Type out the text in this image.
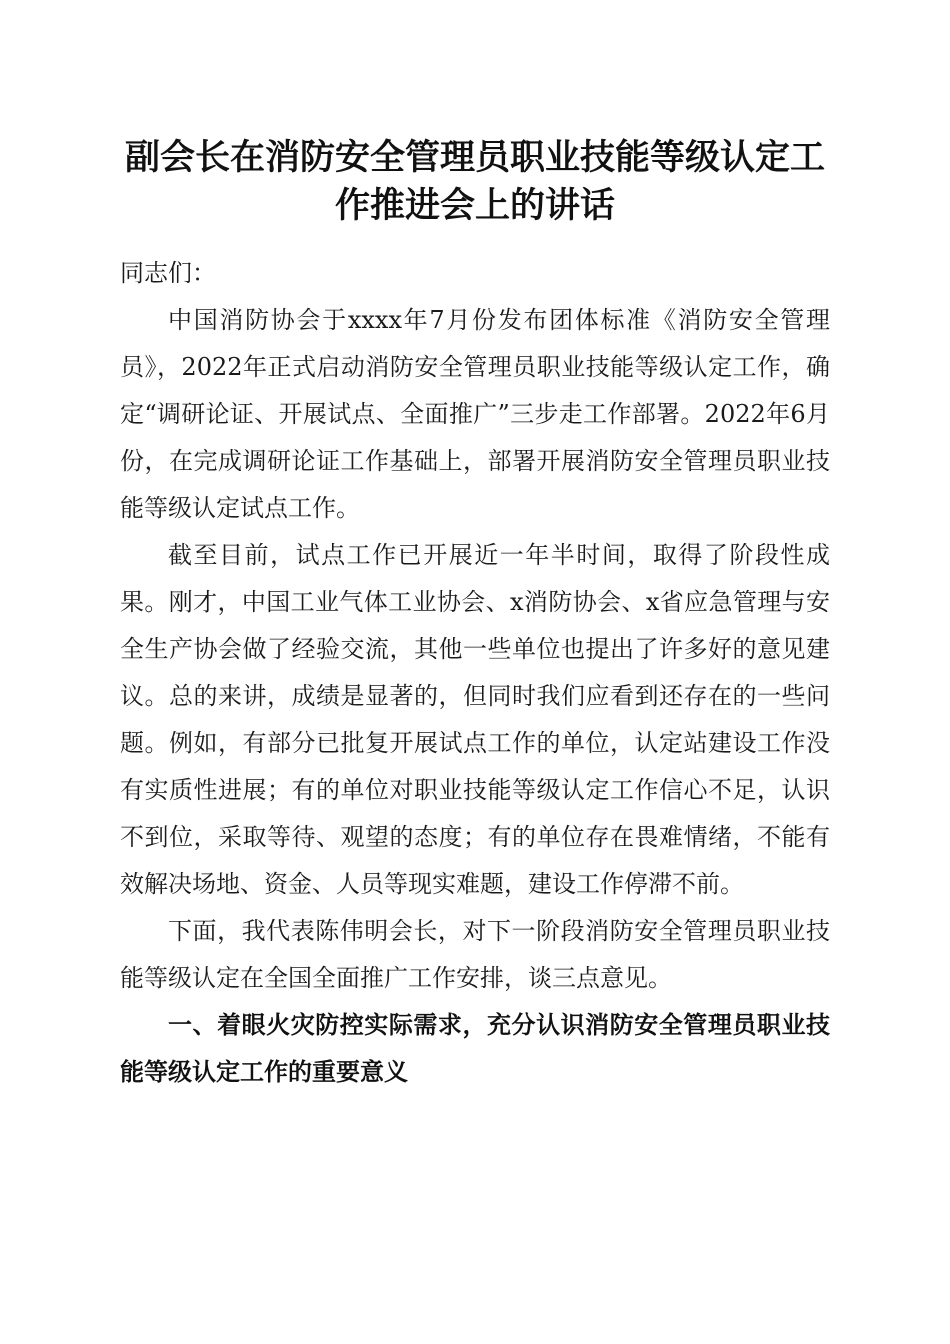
副会长在消防安全管理员职业技能等级认定工作推进会上的讲话

同志们：

中国消防协会于xxxx年7月份发布团体标准《消防安全管理员》，2022年正式启动消防安全管理员职业技能等级认定工作，确定“调研论证、开展试点、全面推广”三步走工作部署。2022年6月份，在完成调研论证工作基础上，部署开展消防安全管理员职业技能等级认定试点工作。

截至目前，试点工作已开展近一年半时间，取得了阶段性成果。刚才，中国工业气体工业协会、x消防协会、x省应急管理与安全生产协会做了经验交流，其他一些单位也提出了许多好的意见建议。总的来讲，成绩是显著的，但同时我们应看到还存在的一些问题。例如，有部分已批复开展试点工作的单位，认定站建设工作没有实质性进展；有的单位对职业技能等级认定工作信心不足，认识不到位，采取等待、观望的态度；有的单位存在畏难情绪，不能有效解决场地、资金、人员等现实难题，建设工作停滞不前。

下面，我代表陈伟明会长，对下一阶段消防安全管理员职业技能等级认定在全国全面推广工作安排，谈三点意见。

一、着眼火灾防控实际需求，充分认识消防安全管理员职业技能等级认定工作的重要意义
